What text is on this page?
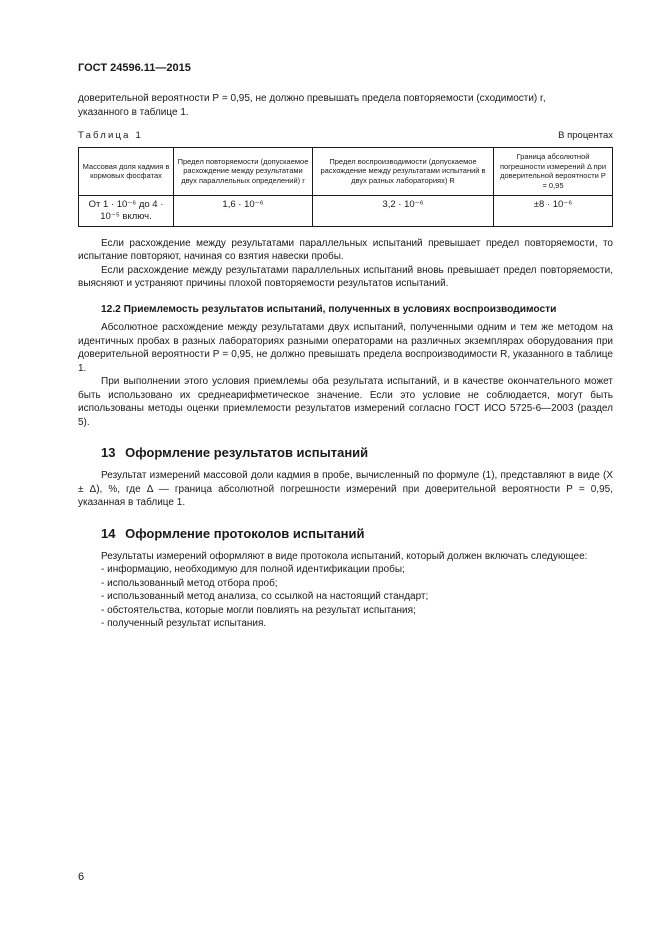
ГОСТ 24596.11—2015

доверительной вероятности Р = 0,95, не должно превышать предела повторяемости (сходимости) r,

указанного в таблице 1.

Таблица 1	В процентах
Массовая доля кадмия в кормовых фосфатах	Предел повторяемости (допускаемое расхождение между результатами двух параллельных определений) r	Предел воспроизводимости (допускаемое расхождение между результатами испытаний в двух разных лабораториях) R	Граница абсолютной погрешности измерений Δ при доверительной вероятности Р = 0,95
От 1 · 10⁻⁶ до 4 · 10⁻⁵ включ.	1,6 · 10⁻⁶	3,2 · 10⁻⁶	±8 · 10⁻⁶

Если расхождение между результатами параллельных испытаний превышает предел повторяемости, то испытание повторяют, начиная со взятия навески пробы.

Если расхождение между результатами параллельных испытаний вновь превышает предел повторяемости, выясняют и устраняют причины плохой повторяемости результатов испытаний.

12.2 Приемлемость результатов испытаний, полученных в условиях воспроизводимости

Абсолютное расхождение между результатами двух испытаний, полученными одним и тем же методом на идентичных пробах в разных лабораториях разными операторами на различных экземплярах оборудования при доверительной вероятности Р = 0,95, не должно превышать предела воспроизводимости R, указанного в таблице 1.

При выполнении этого условия приемлемы оба результата испытаний, и в качестве окончательного может быть использовано их среднеарифметическое значение. Если это условие не соблюдается, могут быть использованы методы оценки приемлемости результатов измерений согласно ГОСТ ИСО 5725-6—2003 (раздел 5).

13 Оформление результатов испытаний

Результат измерений массовой доли кадмия в пробе, вычисленный по формуле (1), представляют в виде (X ± Δ), %, где Δ — граница абсолютной погрешности измерений при доверительной вероятности Р = 0,95, указанная в таблице 1.

14 Оформление протоколов испытаний

Результаты измерений оформляют в виде протокола испытаний, который должен включать следующее:

- информацию, необходимую для полной идентификации пробы;
- использованный метод отбора проб;
- использованный метод анализа, со ссылкой на настоящий стандарт;
- обстоятельства, которые могли повлиять на результат испытания;
- полученный результат испытания.
6
